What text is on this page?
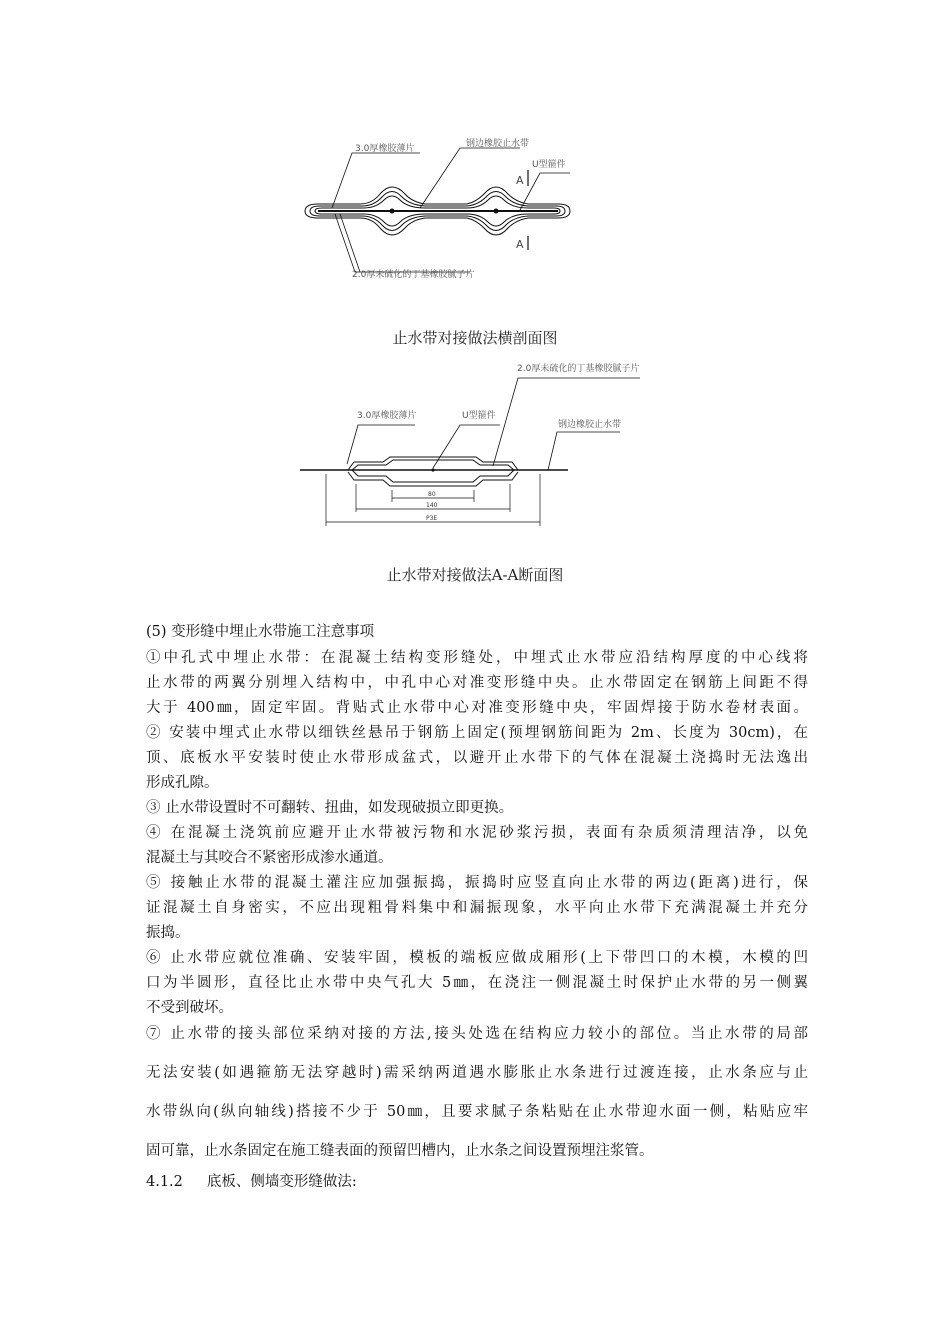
3.0厚橡胶薄片	钢边橡胶止水带
U型箍件
A
A
2.0厚未硫化的丁基橡胶腻子片
止水带对接做法横剖面图
2.0厚未硫化的丁基橡胶腻子片
3.0厚橡胶薄片	U型箍件
钢边橡胶止水带
80
140
P3E
止水带对接做法A-A断面图
(5) 变形缝中埋止水带施工注意事项
①中孔式中埋止水带：在混凝土结构变形缝处，中埋式止水带应沿结构厚度的中心线将
止水带的两翼分别埋入结构中，中孔中心对准变形缝中央。止水带固定在钢筋上间距不得
大于 400㎜，固定牢固。背贴式止水带中心对准变形缝中央，牢固焊接于防水卷材表面。
② 安装中埋式止水带以细铁丝悬吊于钢筋上固定(预埋钢筋间距为 2m、长度为 30cm)，在
顶、底板水平安装时使止水带形成盆式，以避开止水带下的气体在混凝土浇捣时无法逸出
形成孔隙。
③ 止水带设置时不可翻转、扭曲，如发现破损立即更换。
④ 在混凝土浇筑前应避开止水带被污物和水泥砂浆污损，表面有杂质须清理洁净，以免
混凝土与其咬合不紧密形成渗水通道。
⑤ 接触止水带的混凝土灌注应加强振捣，振捣时应竖直向止水带的两边(距离)进行，保
证混凝土自身密实，不应出现粗骨料集中和漏振现象，水平向止水带下充满混凝土并充分
振捣。
⑥ 止水带应就位准确、安装牢固，模板的端板应做成厢形(上下带凹口的木模，木模的凹
口为半圆形，直径比止水带中央气孔大 5㎜，在浇注一侧混凝土时保护止水带的另一侧翼
不受到破坏。
⑦ 止水带的接头部位采纳对接的方法,接头处选在结构应力较小的部位。当止水带的局部
无法安装(如遇箍筋无法穿越时)需采纳两道遇水膨胀止水条进行过渡连接，止水条应与止
水带纵向(纵向轴线)搭接不少于 50㎜，且要求腻子条粘贴在止水带迎水面一侧，粘贴应牢
固可靠，止水条固定在施工缝表面的预留凹槽内，止水条之间设置预埋注浆管。
4.1.2 底板、侧墙变形缝做法:
